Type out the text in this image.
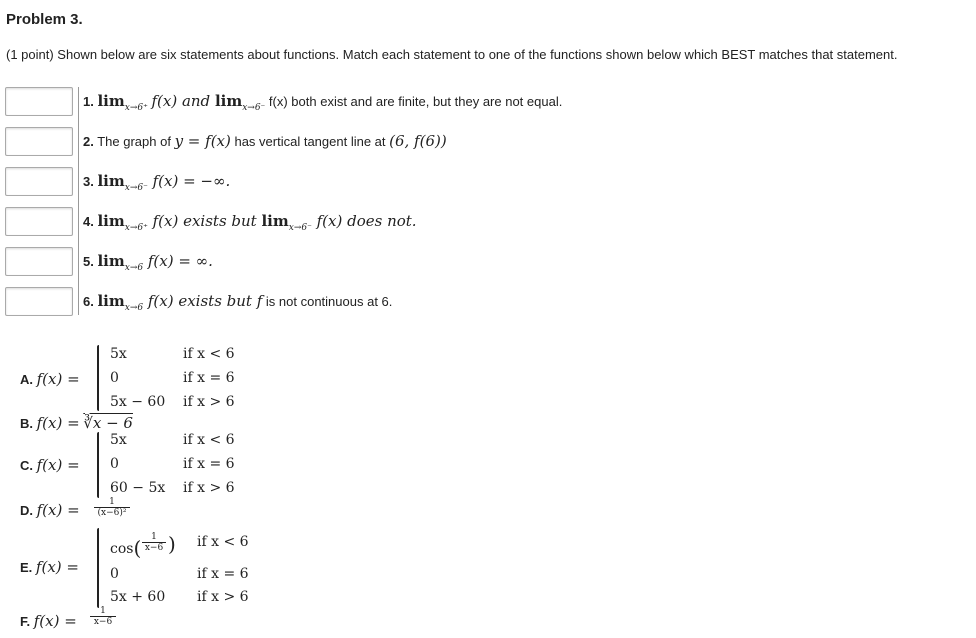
Problem 3.
(1 point) Shown below are six statements about functions. Match each statement to one of the functions shown below which BEST matches that statement.
1. $\lim_{x\to 6^+} f(x)$ and $\lim_{x\to 6^-} f(x)$ both exist and are finite, but they are not equal.
2. The graph of y = f(x) has vertical tangent line at (6, f(6))
3. $\lim_{x\to 6^-} f(x)$ = −∞.
4. $\lim_{x\to 6^+} f(x)$ exists but $\lim_{x\to 6^-} f(x)$ does not.
5. $\lim_{x\to 6} f(x)$ = ∞.
6. $\lim_{x\to 6} f(x)$ exists but f is not continuous at 6.
A. f(x) =
5x	if x < 6
0	if x = 6
5x − 60 if x > 6
B. f(x) = ∛x − 6
C. f(x) =
5x	if x < 6
0	if x = 6
60 − 5x if x > 6
D. $f(x) = \frac{1}{\text{(x−6)²}}$
E. f(x) =
$\cos( \frac{1}{x-6}$ ) if x < 6
0	if x = 6
5x + 60 if x > 6
F. $f(x) = \frac{1}{x-6}$
